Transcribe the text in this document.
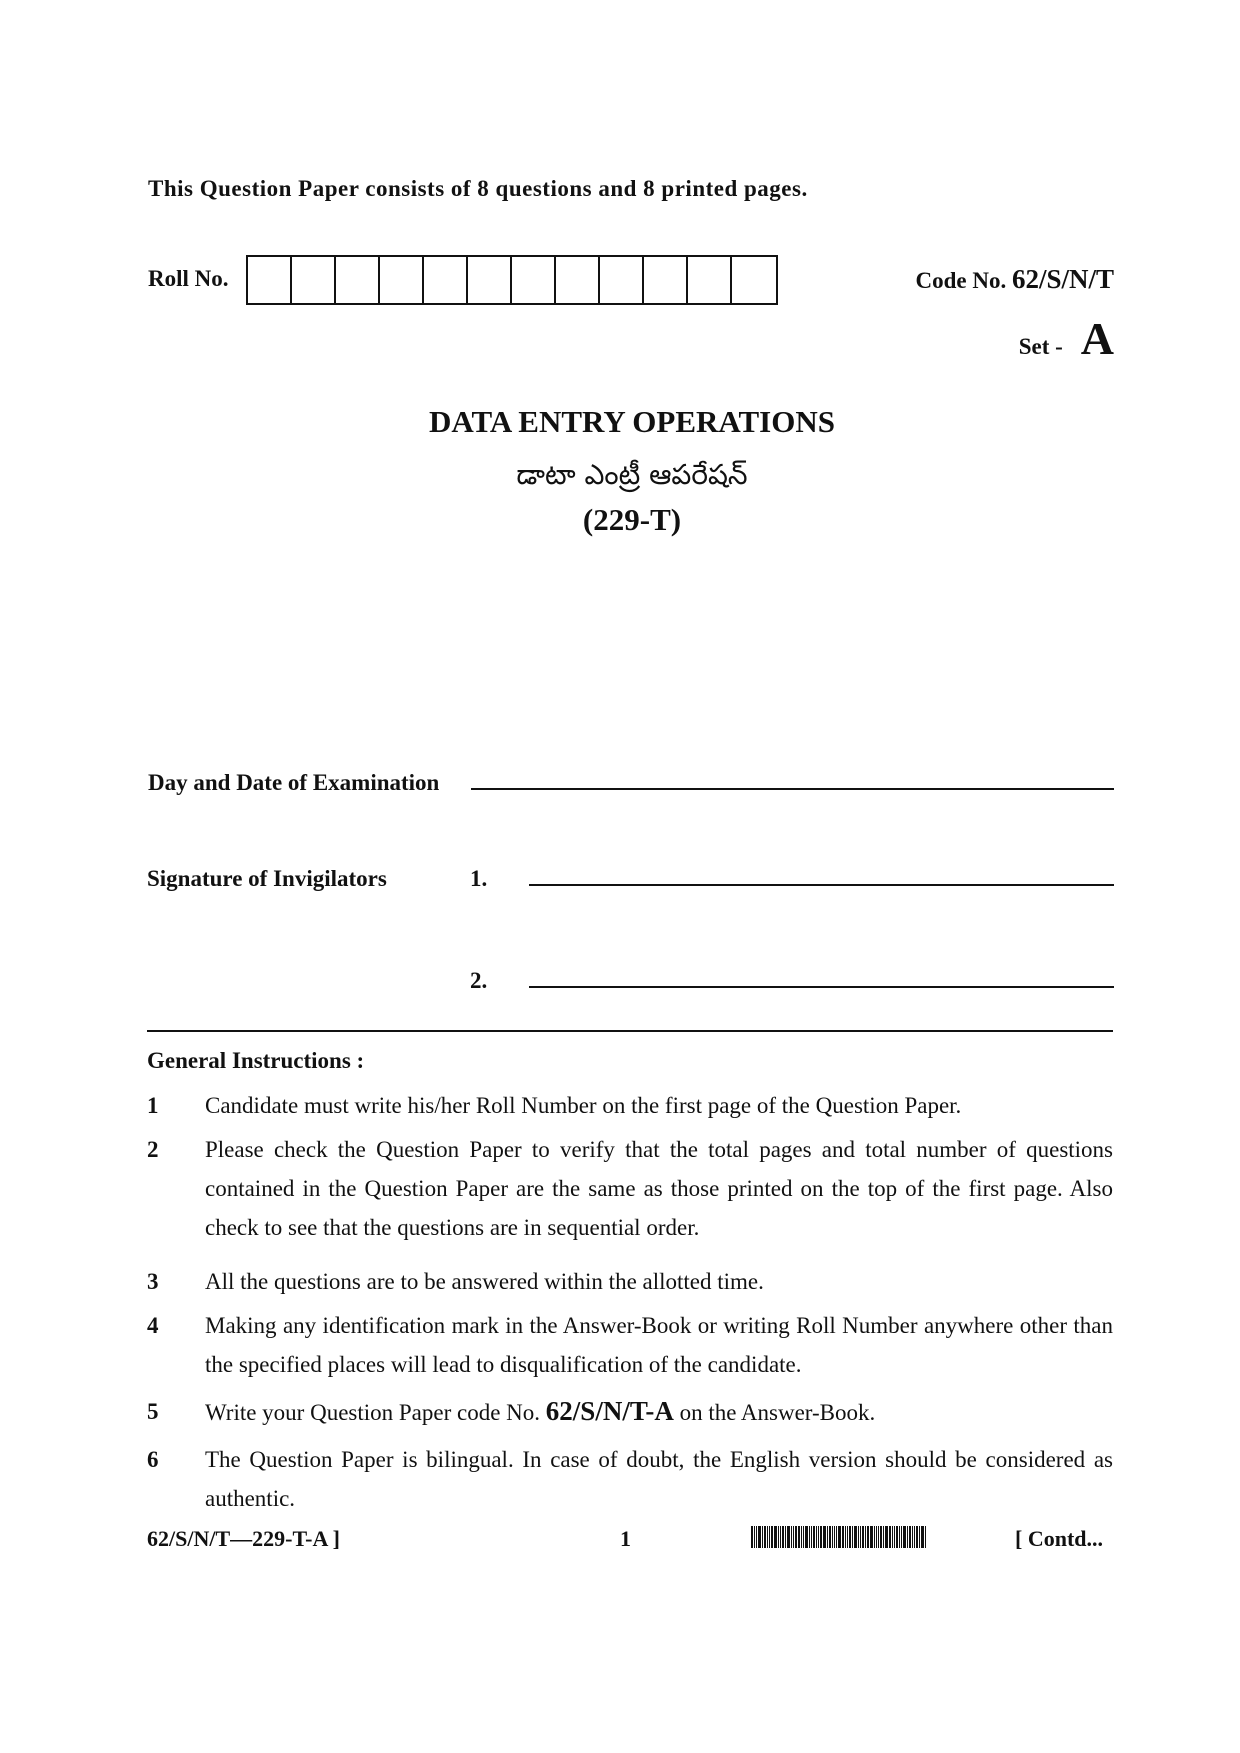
This Question Paper consists of 8 questions and 8 printed pages.
Roll No.	Code No. 62/S/N/T
Set - A
DATA ENTRY OPERATIONS
డాటా ఎంట్రీ ఆపరేషన్
(229-T)
Day and Date of Examination
Signature of Invigilators	1.
2.
General Instructions :
1	Candidate must write his/her Roll Number on the first page of the Question Paper.
2	Please check the Question Paper to verify that the total pages and total number of questions contained in the Question Paper are the same as those printed on the top of the first page. Also check to see that the questions are in sequential order.
3	All the questions are to be answered within the allotted time.
4	Making any identification mark in the Answer-Book or writing Roll Number anywhere other than the specified places will lead to disqualification of the candidate.
5	Write your Question Paper code No. 62/S/N/T-A on the Answer-Book.
6	The Question Paper is bilingual. In case of doubt, the English version should be considered as authentic.
62/S/N/T—229-T-A ]	1	[ Contd...
